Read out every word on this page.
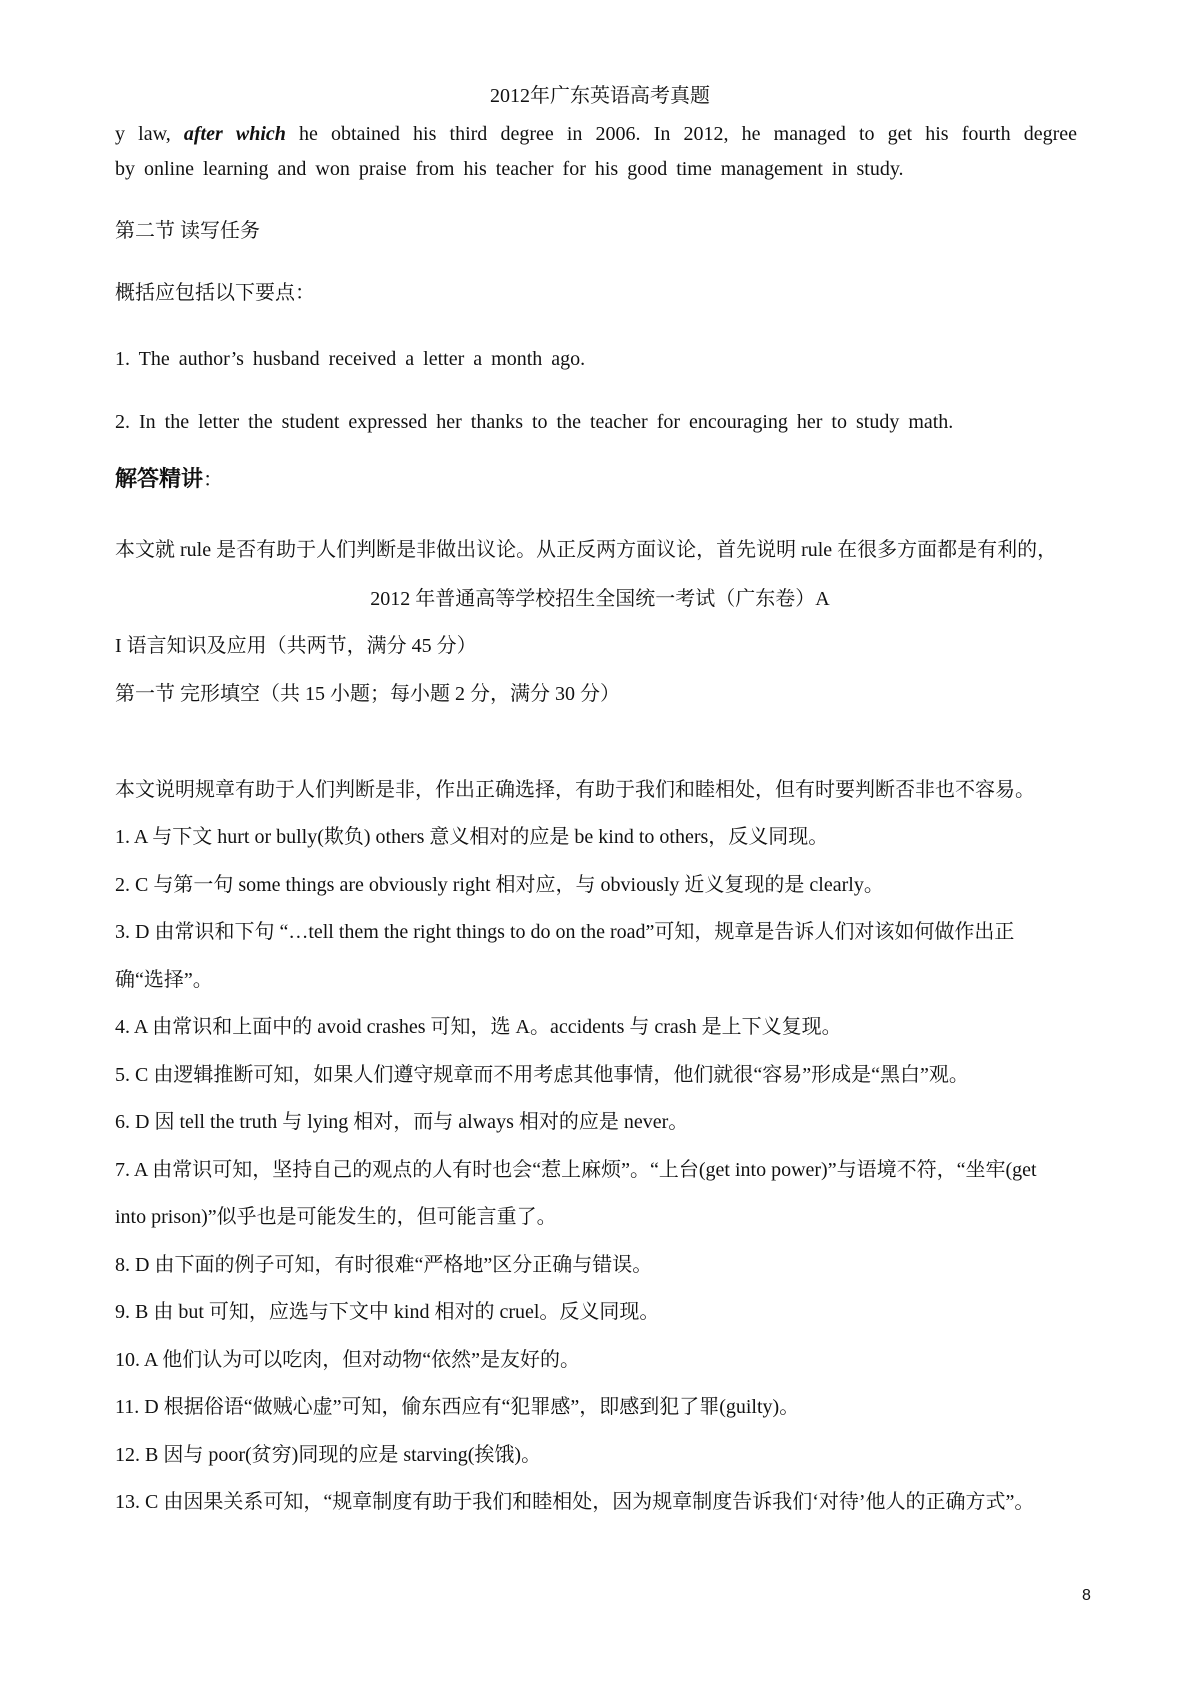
2012年广东英语高考真题
y law, after which he obtained his third degree in 2006. In 2012, he managed to get his fourth degree
by online learning and won praise from his teacher for his good time management in study.
第二节 读写任务
概括应包括以下要点：
1. The author’s husband received a letter a month ago.
2. In the letter the student expressed her thanks to the teacher for encouraging her to study math.
解答精讲：
本文就 rule 是否有助于人们判断是非做出议论。从正反两方面议论，首先说明 rule 在很多方面都是有利的，
2012 年普通高等学校招生全国统一考试（广东卷）A
I 语言知识及应用（共两节，满分 45 分）
第一节 完形填空（共 15 小题；每小题 2 分，满分 30 分）
本文说明规章有助于人们判断是非，作出正确选择，有助于我们和睦相处，但有时要判断否非也不容易。
1. A 与下文 hurt or bully(欺负) others 意义相对的应是 be kind to others，反义同现。
2. C 与第一句 some things are obviously right 相对应，与 obviously 近义复现的是 clearly。
3. D 由常识和下句 “…tell them the right things to do on the road”可知，规章是告诉人们对该如何做作出正
确“选择”。
4. A 由常识和上面中的 avoid crashes 可知，选 A。accidents 与 crash 是上下义复现。
5. C 由逻辑推断可知，如果人们遵守规章而不用考虑其他事情，他们就很“容易”形成是“黑白”观。
6. D 因 tell the truth 与 lying 相对，而与 always 相对的应是 never。
7. A 由常识可知，坚持自己的观点的人有时也会“惹上麻烦”。“上台(get into power)”与语境不符，“坐牢(get
into prison)”似乎也是可能发生的，但可能言重了。
8. D 由下面的例子可知，有时很难“严格地”区分正确与错误。
9. B 由 but 可知，应选与下文中 kind 相对的 cruel。反义同现。
10. A 他们认为可以吃肉，但对动物“依然”是友好的。
11. D 根据俗语“做贼心虚”可知，偷东西应有“犯罪感”，即感到犯了罪(guilty)。
12. B 因与 poor(贫穷)同现的应是 starving(挨饿)。
13. C 由因果关系可知，“规章制度有助于我们和睦相处，因为规章制度告诉我们‘对待’他人的正确方式”。
8
